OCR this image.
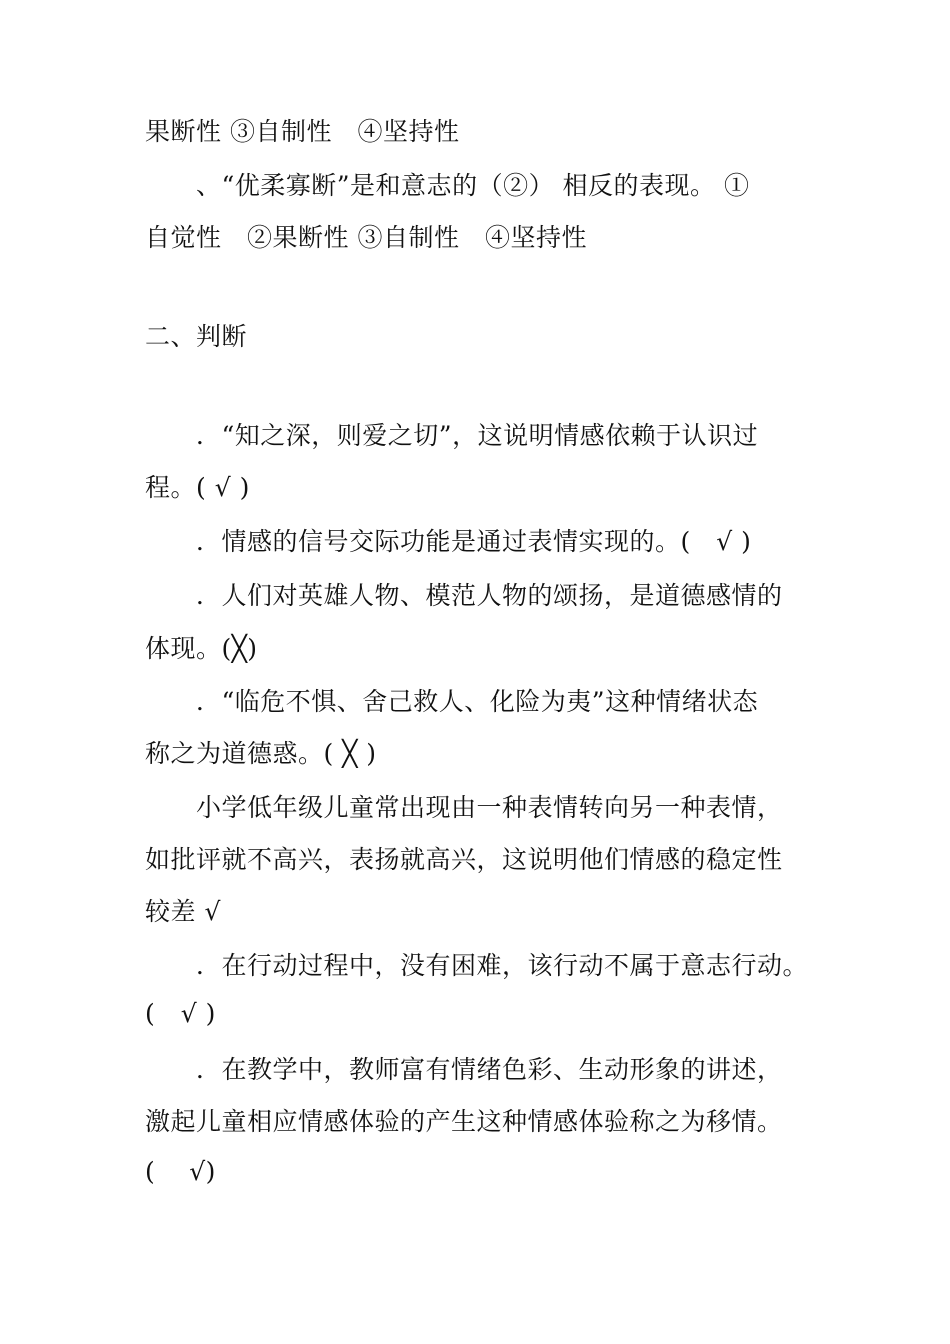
果断性 ③自制性　④坚持性
　　、“优柔寡断”是和意志的（②） 相反的表现。 ①
自觉性　②果断性 ③自制性　④坚持性
二、判断
　　．“知之深，则爱之切”，这说明情感依赖于认识过
程。( √ )
　　．情感的信号交际功能是通过表情实现的。(　√ )
　　．人们对英雄人物、模范人物的颂扬，是道德感情的
体现。(╳)
　　．“临危不惧、舍己救人、化险为夷”这种情绪状态
称之为道德惑。( ╳ )
　　小学低年级儿童常出现由一种表情转向另一种表情，
如批评就不高兴，表扬就高兴，这说明他们情感的稳定性
较差 √
　　．在行动过程中，没有困难，该行动不属于意志行动。
(　√ )
　　．在教学中，教师富有情绪色彩、生动形象的讲述，
激起儿童相应情感体验的产生这种情感体验称之为移情。
(　 √)
